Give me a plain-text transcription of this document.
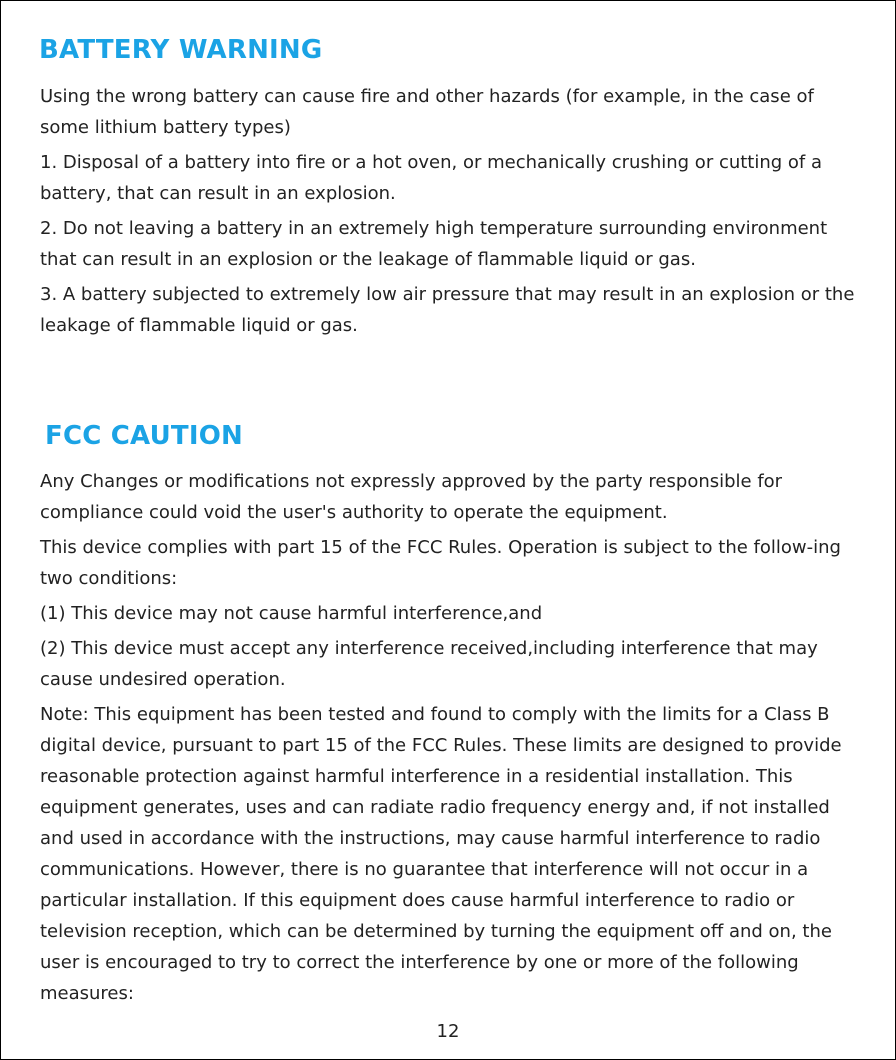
BATTERY WARNING

Using the wrong battery can cause fire and other hazards (for example, in the case of some lithium battery types)

1. Disposal of a battery into fire or a hot oven, or mechanically crushing or cutting of a battery, that can result in an explosion.

2. Do not leaving a battery in an extremely high temperature surrounding environment that can result in an explosion or the leakage of flammable liquid or gas.

3. A battery subjected to extremely low air pressure that may result in an explosion or the leakage of flammable liquid or gas.

FCC CAUTION

Any Changes or modifications not expressly approved by the party responsible for compliance could void the user's authority to operate the equipment.

This device complies with part 15 of the FCC Rules. Operation is subject to the follow-ing two conditions:

(1) This device may not cause harmful interference,and

(2) This device must accept any interference received,including interference that may cause undesired operation.

Note: This equipment has been tested and found to comply with the limits for a Class B digital device, pursuant to part 15 of the FCC Rules. These limits are designed to provide reasonable protection against harmful interference in a residential installation. This equipment generates, uses and can radiate radio frequency energy and, if not installed and used in accordance with the instructions, may cause harmful interference to radio communications. However, there is no guarantee that interference will not occur in a particular installation. If this equipment does cause harmful interference to radio or television reception, which can be determined by turning the equipment off and on, the user is encouraged to try to correct the interference by one or more of the following measures:

12
